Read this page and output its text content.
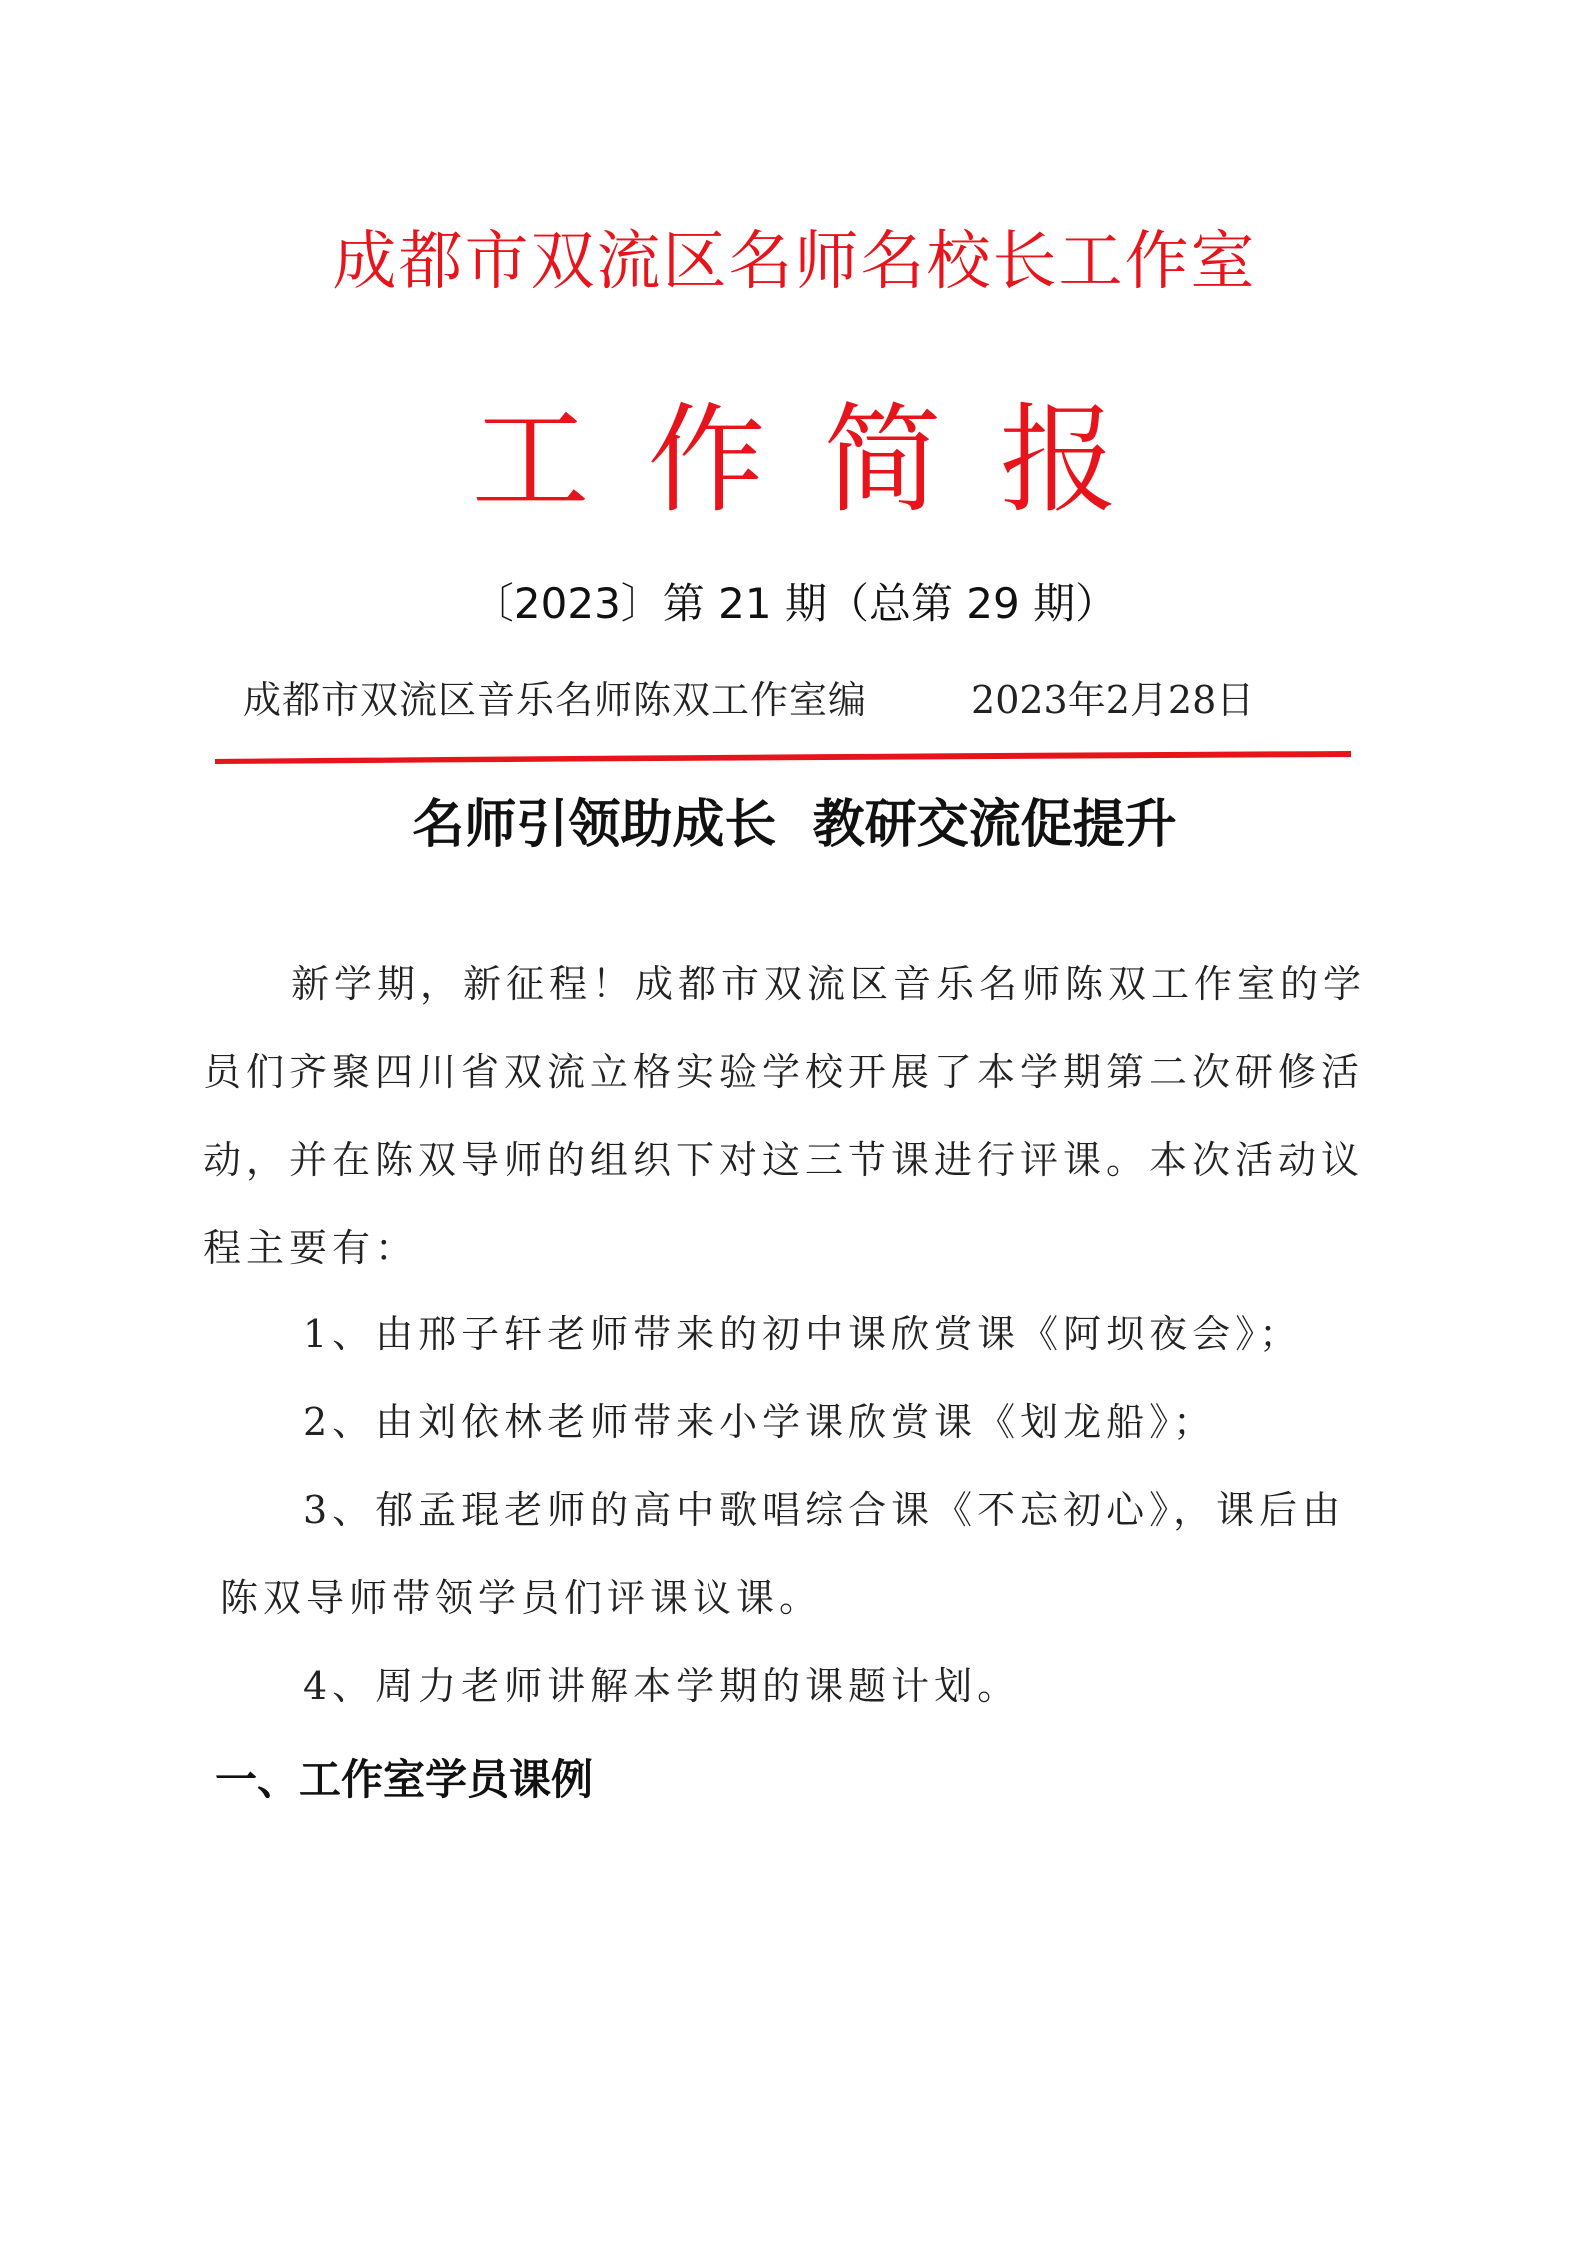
成都市双流区名师名校长工作室
工作简报
〔2023〕第 21 期（总第 29 期）
成都市双流区音乐名师陈双工作室编	2023年2月28日
名师引领助成长  教研交流促提升
新学期，新征程！成都市双流区音乐名师陈双工作室的学员们齐聚四川省双流立格实验学校开展了本学期第二次研修活动，并在陈双导师的组织下对这三节课进行评课。本次活动议程主要有：
1、由邢子轩老师带来的初中课欣赏课《阿坝夜会》；
2、由刘依林老师带来小学课欣赏课《划龙船》；
3、郁孟琨老师的高中歌唱综合课《不忘初心》，课后由
陈双导师带领学员们评课议课。
4、周力老师讲解本学期的课题计划。
一、工作室学员课例
